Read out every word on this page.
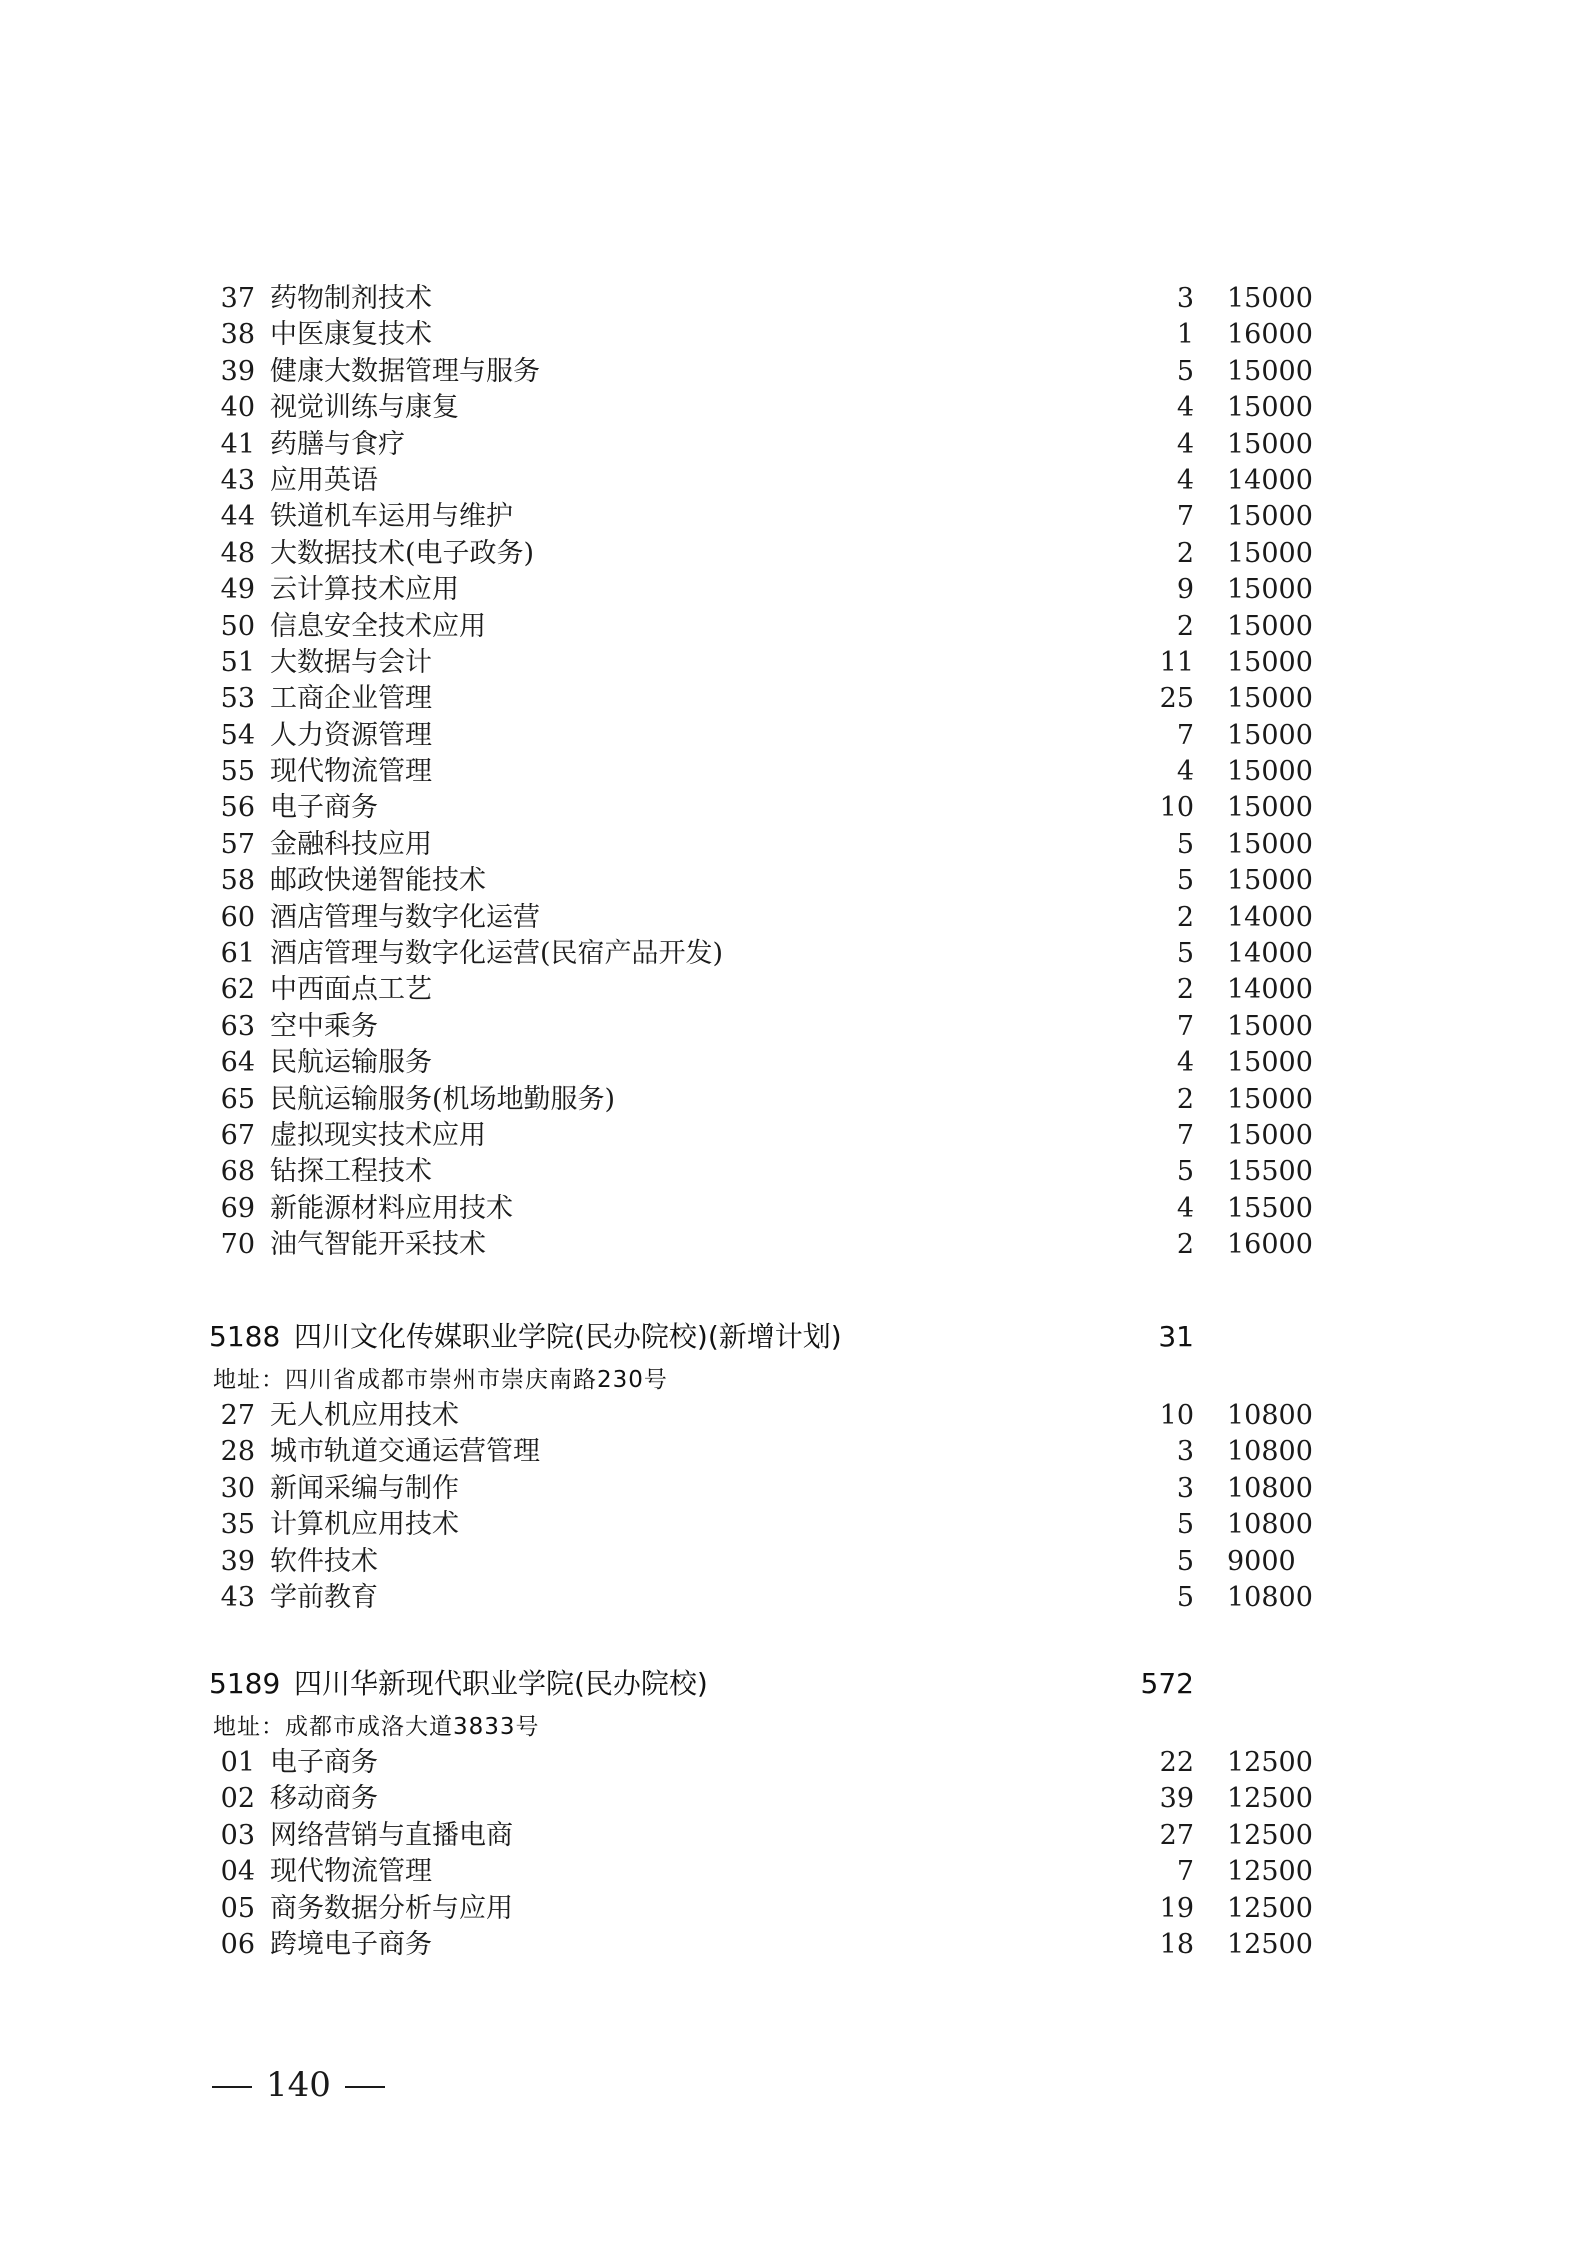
37 药物制剂技术	3 15000
38 中医康复技术	1 16000
39 健康大数据管理与服务	5 15000
40 视觉训练与康复	4 15000
41 药膳与食疗	4 15000
43 应用英语	4 14000
44 铁道机车运用与维护	7 15000
48 大数据技术(电子政务)	2 15000
49 云计算技术应用	9 15000
50 信息安全技术应用	2 15000
51 大数据与会计	11 15000
53 工商企业管理	25 15000
54 人力资源管理	7 15000
55 现代物流管理	4 15000
56 电子商务	10 15000
57 金融科技应用	5 15000
58 邮政快递智能技术	5 15000
60 酒店管理与数字化运营	2 14000
61 酒店管理与数字化运营(民宿产品开发)	5 14000
62 中西面点工艺	2 14000
63 空中乘务	7 15000
64 民航运输服务	4 15000
65 民航运输服务(机场地勤服务)	2 15000
67 虚拟现实技术应用	7 15000
68 钻探工程技术	5 15500
69 新能源材料应用技术	4 15500
70 油气智能开采技术	2 16000
5188 四川文化传媒职业学院(民办院校)(新增计划)	31
地址：四川省成都市崇州市崇庆南路230号
27 无人机应用技术	10 10800
28 城市轨道交通运营管理	3 10800
30 新闻采编与制作	3 10800
35 计算机应用技术	5 10800
39 软件技术	5 9000
43 学前教育	5 10800
5189 四川华新现代职业学院(民办院校)	572
地址：成都市成洛大道3833号
01 电子商务	22 12500
02 移动商务	39 12500
03 网络营销与直播电商	27 12500
04 现代物流管理	7 12500
05 商务数据分析与应用	19 12500
06 跨境电子商务	18 12500
140
